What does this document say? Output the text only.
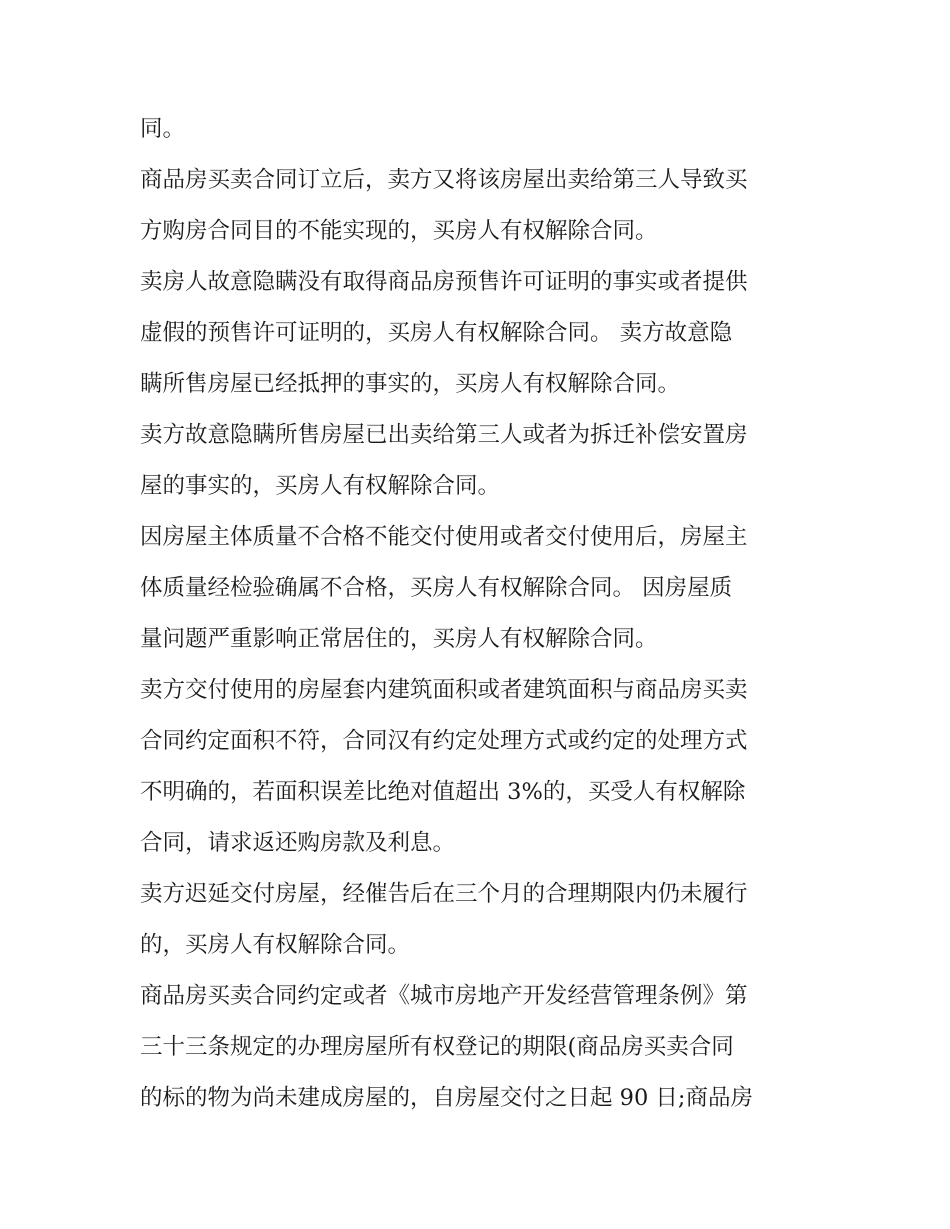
同。
商品房买卖合同订立后，卖方又将该房屋出卖给第三人导致买
方购房合同目的不能实现的，买房人有权解除合同。
卖房人故意隐瞒没有取得商品房预售许可证明的事实或者提供
虚假的预售许可证明的，买房人有权解除合同。 卖方故意隐
瞒所售房屋已经抵押的事实的，买房人有权解除合同。
卖方故意隐瞒所售房屋已出卖给第三人或者为拆迁补偿安置房
屋的事实的，买房人有权解除合同。
因房屋主体质量不合格不能交付使用或者交付使用后，房屋主
体质量经检验确属不合格，买房人有权解除合同。 因房屋质
量问题严重影响正常居住的，买房人有权解除合同。
卖方交付使用的房屋套内建筑面积或者建筑面积与商品房买卖
合同约定面积不符，合同汉有约定处理方式或约定的处理方式
不明确的，若面积误差比绝对值超出 3%的，买受人有权解除
合同，请求返还购房款及利息。
卖方迟延交付房屋，经催告后在三个月的合理期限内仍未履行
的，买房人有权解除合同。
商品房买卖合同约定或者《城市房地产开发经营管理条例》第
三十三条规定的办理房屋所有权登记的期限(商品房买卖合同
的标的物为尚未建成房屋的，自房屋交付之日起 90 日;商品房
